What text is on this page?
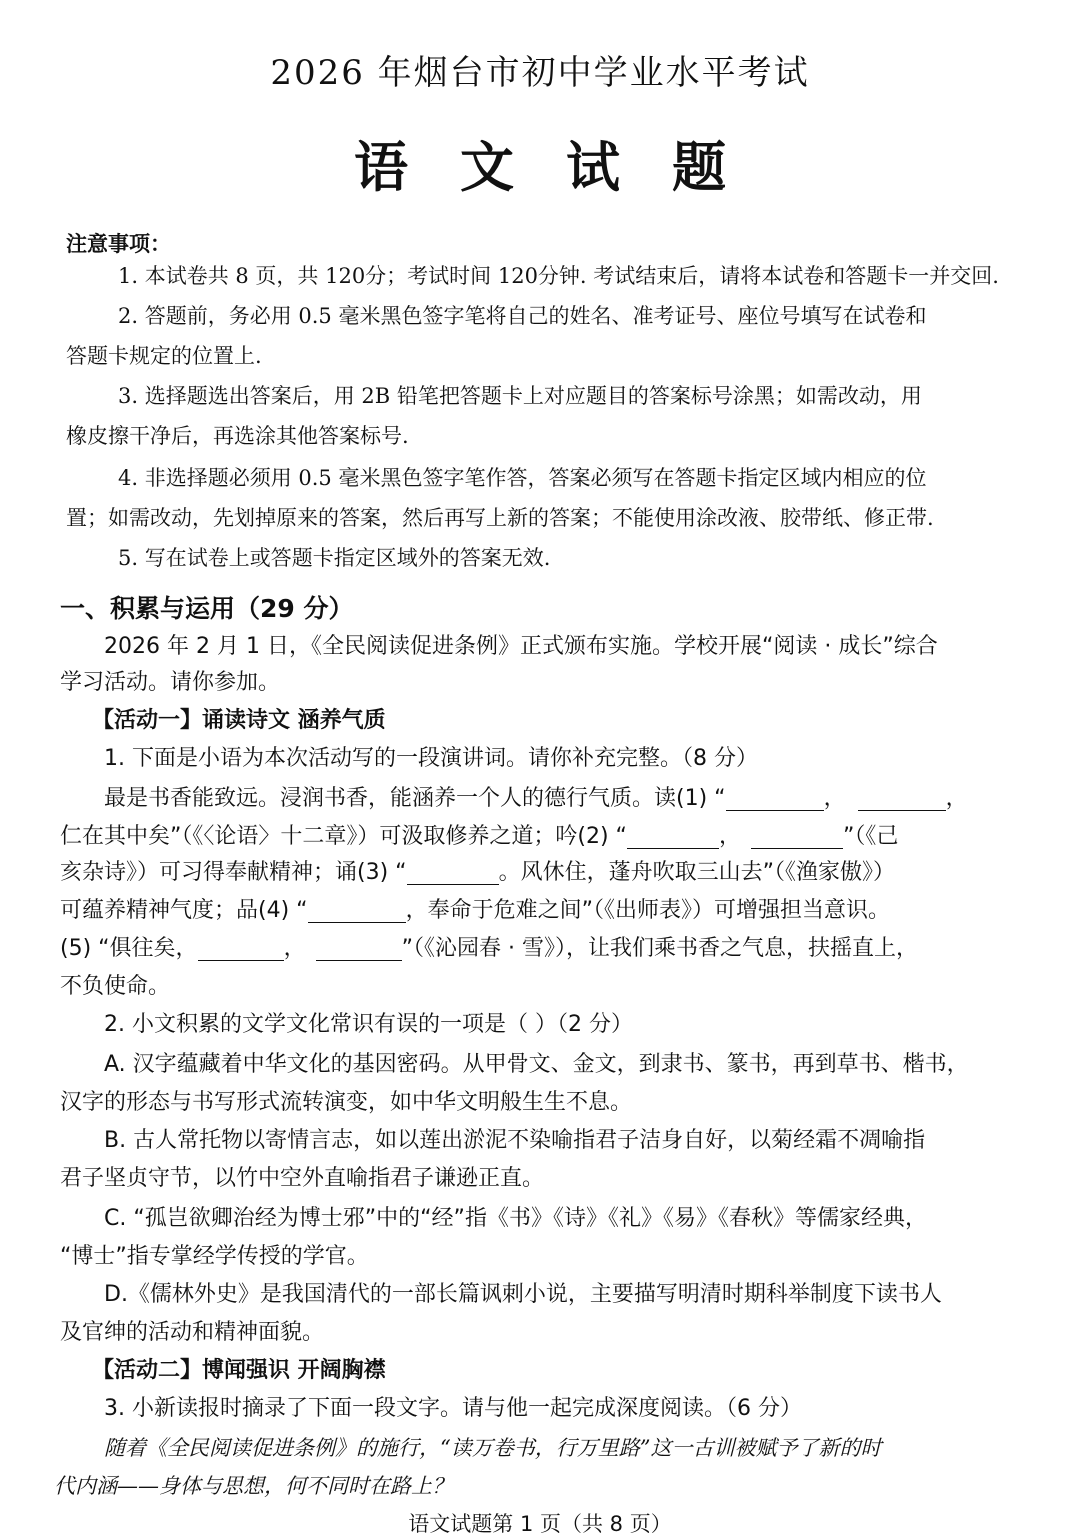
2026 年烟台市初中学业水平考试
语文试题
注意事项：
1. 本试卷共 8 页，共 120分；考试时间 120分钟. 考试结束后，请将本试卷和答题卡一并交回.
2. 答题前，务必用 0.5 毫米黑色签字笔将自己的姓名、准考证号、座位号填写在试卷和
答题卡规定的位置上.
3. 选择题选出答案后，用 2B 铅笔把答题卡上对应题目的答案标号涂黑；如需改动，用
橡皮擦干净后，再选涂其他答案标号.
4. 非选择题必须用 0.5 毫米黑色签字笔作答，答案必须写在答题卡指定区域内相应的位
置；如需改动，先划掉原来的答案，然后再写上新的答案；不能使用涂改液、胶带纸、修正带.
5. 写在试卷上或答题卡指定区域外的答案无效.
一、积累与运用（29 分）
2026 年 2 月 1 日，《全民阅读促进条例》正式颁布实施。学校开展“阅读 · 成长”综合
学习活动。请你参加。
【活动一】诵读诗文 涵养气质
1. 下面是小语为本次活动写的一段演讲词。请你补充完整。（8 分）
最是书香能致远。浸润书香，能涵养一个人的德行气质。读(1) “	，	，
仁在其中矣”（《〈论语〉十二章》）可汲取修养之道；吟(2) “	，	”（《己
亥杂诗》）可习得奉献精神；诵(3) “	。风休住，蓬舟吹取三山去”（《渔家傲》）
可蕴养精神气度；品(4) “	，奉命于危难之间”（《出师表》）可增强担当意识。
(5) “俱往矣，	，	”（《沁园春 · 雪》），让我们乘书香之气息，扶摇直上，
不负使命。
2. 小文积累的文学文化常识有误的一项是（ ）（2 分）
A. 汉字蕴藏着中华文化的基因密码。从甲骨文、金文，到隶书、篆书，再到草书、楷书，
汉字的形态与书写形式流转演变，如中华文明般生生不息。
B. 古人常托物以寄情言志，如以莲出淤泥不染喻指君子洁身自好，以菊经霜不凋喻指
君子坚贞守节，以竹中空外直喻指君子谦逊正直。
C. “孤岂欲卿治经为博士邪”中的“经”指《书》《诗》《礼》《易》《春秋》等儒家经典，
“博士”指专掌经学传授的学官。
D.《儒林外史》是我国清代的一部长篇讽刺小说，主要描写明清时期科举制度下读书人
及官绅的活动和精神面貌。
【活动二】博闻强识 开阔胸襟
3. 小新读报时摘录了下面一段文字。请与他一起完成深度阅读。（6 分）
随着《全民阅读促进条例》的施行，“读万卷书，行万里路”这一古训被赋予了新的时
代内涵——身体与思想，何不同时在路上？
语文试题第 1 页（共 8 页）
